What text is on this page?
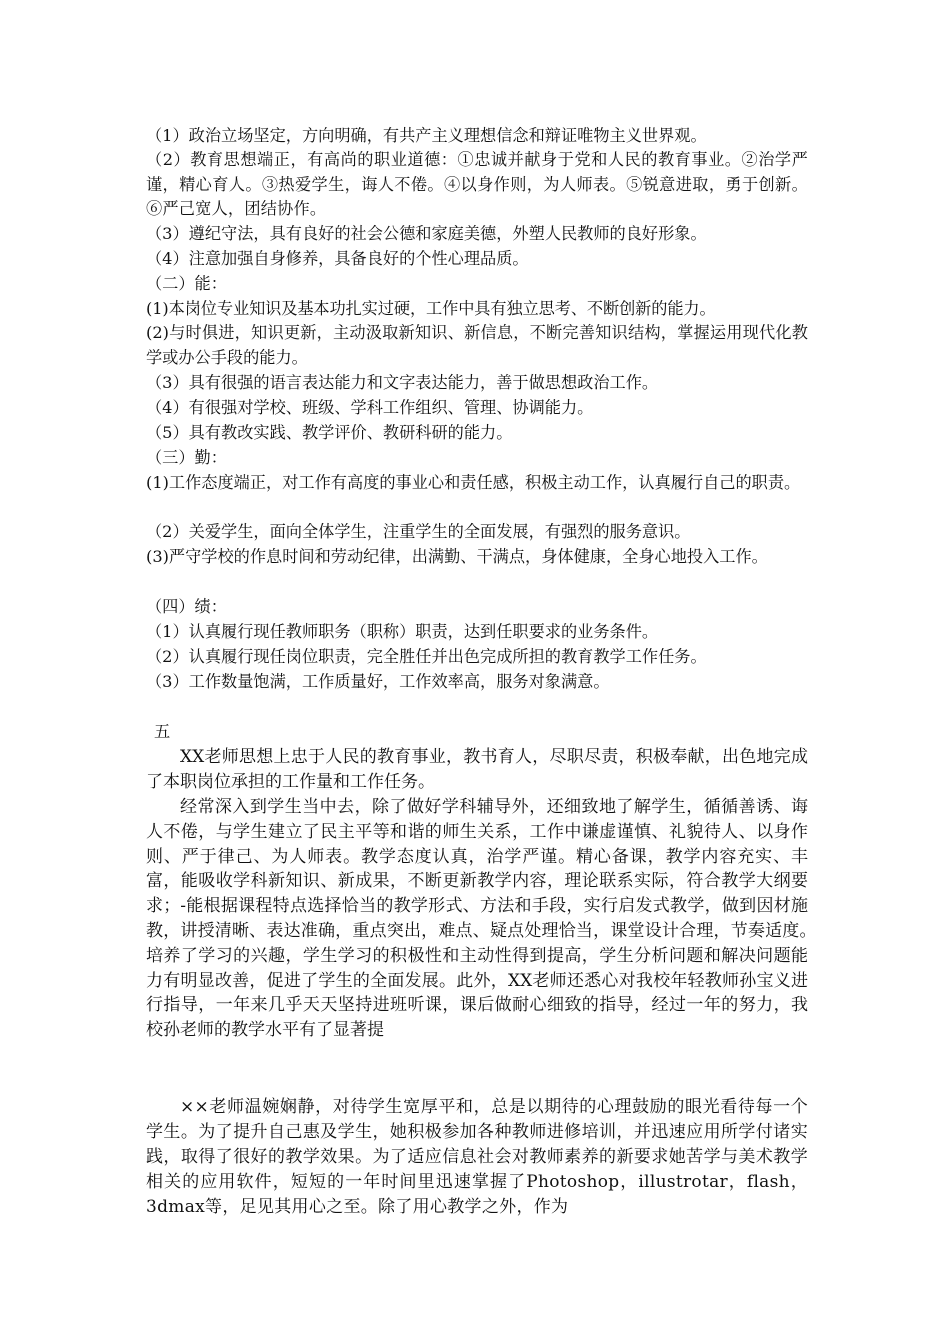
（1）政治立场坚定，方向明确，有共产主义理想信念和辩证唯物主义世界观。
（2）教育思想端正，有高尚的职业道德：①忠诚并献身于党和人民的教育事业。②治学严谨，精心育人。③热爱学生，诲人不倦。④以身作则，为人师表。⑤锐意进取，勇于创新。⑥严己宽人，团结协作。
（3）遵纪守法，具有良好的社会公德和家庭美德，外塑人民教师的良好形象。
（4）注意加强自身修养，具备良好的个性心理品质。
（二）能：
(1)本岗位专业知识及基本功扎实过硬，工作中具有独立思考、不断创新的能力。
(2)与时俱进，知识更新，主动汲取新知识、新信息，不断完善知识结构，掌握运用现代化教学或办公手段的能力。
（3）具有很强的语言表达能力和文字表达能力，善于做思想政治工作。
（4）有很强对学校、班级、学科工作组织、管理、协调能力。
（5）具有教改实践、教学评价、教研科研的能力。
（三）勤：
(1)工作态度端正，对工作有高度的事业心和责任感，积极主动工作，认真履行自己的职责。
（2）关爱学生，面向全体学生，注重学生的全面发展，有强烈的服务意识。
(3)严守学校的作息时间和劳动纪律，出满勤、干满点，身体健康，全身心地投入工作。
（四）绩：
（1）认真履行现任教师职务（职称）职责，达到任职要求的业务条件。
（2）认真履行现任岗位职责，完全胜任并出色完成所担的教育教学工作任务。
（3）工作数量饱满，工作质量好，工作效率高，服务对象满意。
五
XX老师思想上忠于人民的教育事业，教书育人，尽职尽责，积极奉献，出色地完成了本职岗位承担的工作量和工作任务。
经常深入到学生当中去，除了做好学科辅导外，还细致地了解学生，循循善诱、诲人不倦，与学生建立了民主平等和谐的师生关系，工作中谦虚谨慎、礼貌待人、以身作则、严于律己、为人师表。教学态度认真，治学严谨。精心备课，教学内容充实、丰富，能吸收学科新知识、新成果，不断更新教学内容，理论联系实际，符合教学大纲要求；-能根据课程特点选择恰当的教学形式、方法和手段，实行启发式教学，做到因材施教，讲授清晰、表达准确，重点突出，难点、疑点处理恰当，课堂设计合理，节奏适度。　培养了学习的兴趣，学生学习的积极性和主动性得到提高，学生分析问题和解决问题能力有明显改善，促进了学生的全面发展。此外，XX老师还悉心对我校年轻教师孙宝义进行指导，一年来几乎天天坚持进班听课，课后做耐心细致的指导，经过一年的努力，我校孙老师的教学水平有了显著提
××老师温婉娴静，对待学生宽厚平和，总是以期待的心理鼓励的眼光看待每一个学生。为了提升自己惠及学生，她积极参加各种教师进修培训，并迅速应用所学付诸实践，取得了很好的教学效果。为了适应信息社会对教师素养的新要求她苦学与美术教学相关的应用软件，短短的一年时间里迅速掌握了Photoshop，illustrotar，flash，3dmax等，足见其用心之至。除了用心教学之外，作为
